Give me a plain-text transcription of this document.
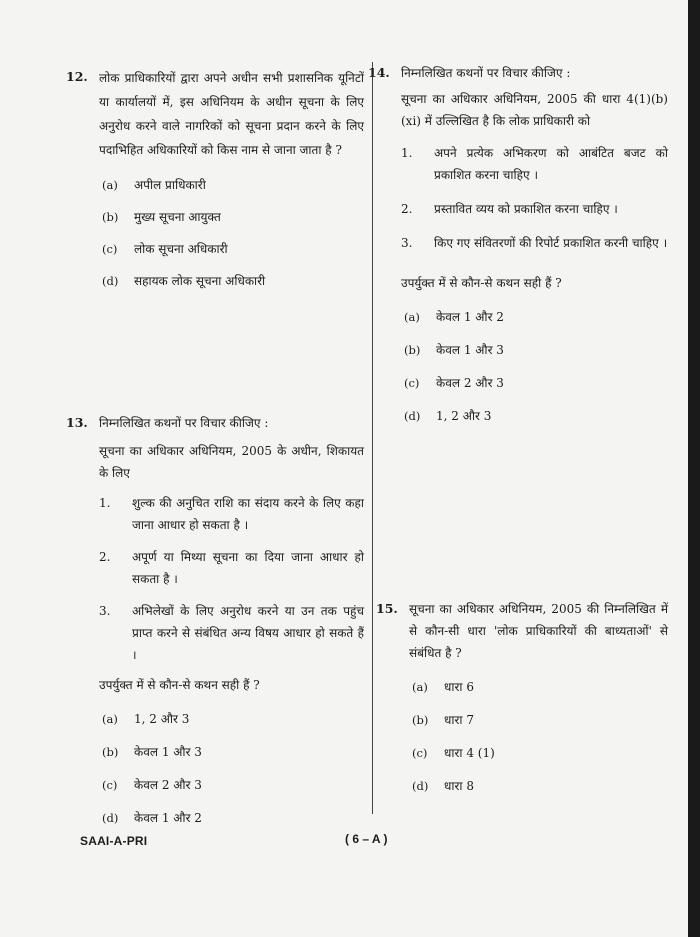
12. लोक प्राधिकारियों द्वारा अपने अधीन सभी प्रशासनिक यूनिटों या कार्यालयों में, इस अधिनियम के अधीन सूचना के लिए अनुरोध करने वाले नागरिकों को सूचना प्रदान करने के लिए पदाभिहित अधिकारियों को किस नाम से जाना जाता है ?
(a) अपील प्राधिकारी
(b) मुख्य सूचना आयुक्त
(c) लोक सूचना अधिकारी
(d) सहायक लोक सूचना अधिकारी
13. निम्नलिखित कथनों पर विचार कीजिए :
सूचना का अधिकार अधिनियम, 2005 के अधीन, शिकायत के लिए
1. शुल्क की अनुचित राशि का संदाय करने के लिए कहा जाना आधार हो सकता है ।
2. अपूर्ण या मिथ्या सूचना का दिया जाना आधार हो सकता है ।
3. अभिलेखों के लिए अनुरोध करने या उन तक पहुंच प्राप्त करने से संबंधित अन्य विषय आधार हो सकते हैं ।
उपर्युक्त में से कौन-से कथन सही हैं ?
(a) 1, 2 और 3
(b) केवल 1 और 3
(c) केवल 2 और 3
(d) केवल 1 और 2
14. निम्नलिखित कथनों पर विचार कीजिए :
सूचना का अधिकार अधिनियम, 2005 की धारा 4(1)(b)(xi) में उल्लिखित है कि लोक प्राधिकारी को
1. अपने प्रत्येक अभिकरण को आबंटित बजट को प्रकाशित करना चाहिए ।
2. प्रस्तावित व्यय को प्रकाशित करना चाहिए ।
3. किए गए संवितरणों की रिपोर्ट प्रकाशित करनी चाहिए ।
उपर्युक्त में से कौन-से कथन सही हैं ?
(a) केवल 1 और 2
(b) केवल 1 और 3
(c) केवल 2 और 3
(d) 1, 2 और 3
15. सूचना का अधिकार अधिनियम, 2005 की निम्नलिखित में से कौन-सी धारा 'लोक प्राधिकारियों की बाध्यताओं' से संबंधित है ?
(a) धारा 6
(b) धारा 7
(c) धारा 4 (1)
(d) धारा 8
SAAI-A-PRI	( 6 – A )
